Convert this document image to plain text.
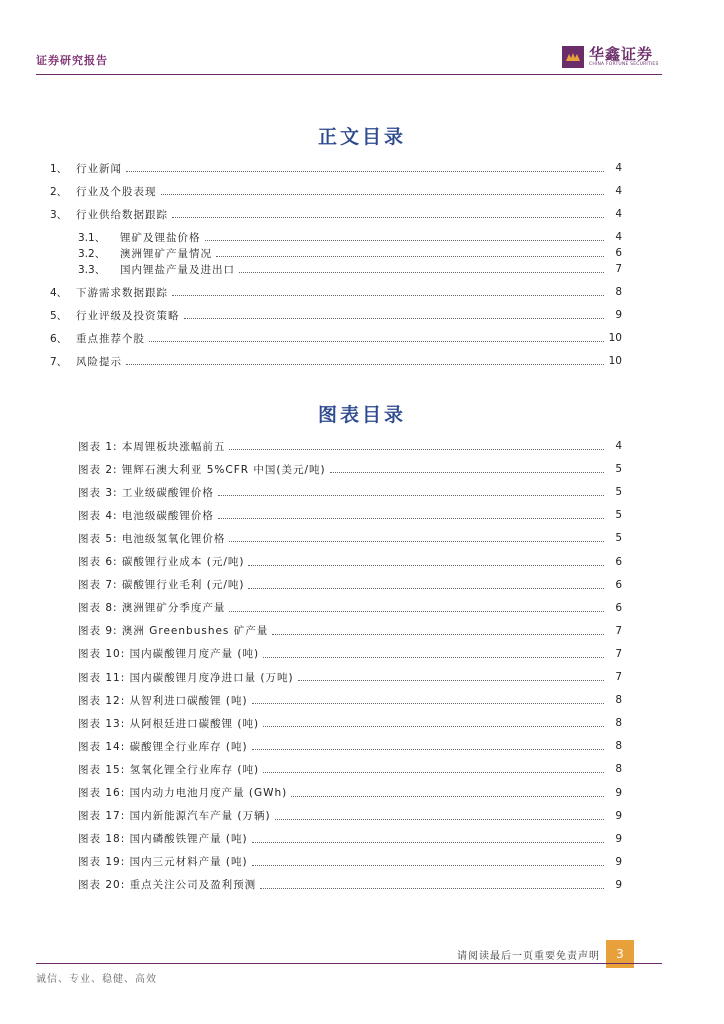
证券研究报告	华鑫证券
CHINA FORTUNE SECURITIES
正文目录
1、 行业新闻	4
2、 行业及个股表现	4
3、 行业供给数据跟踪	4
3.1、	锂矿及锂盐价格	4
3.2、	澳洲锂矿产量情况	6
3.3、	国内锂盐产量及进出口	7
4、 下游需求数据跟踪	8
5、 行业评级及投资策略	9
6、 重点推荐个股	10
7、 风险提示	10
图表目录
图表 1: 本周锂板块涨幅前五	4
图表 2: 锂辉石澳大利亚 5%CFR 中国(美元/吨)	5
图表 3: 工业级碳酸锂价格	5
图表 4: 电池级碳酸锂价格	5
图表 5: 电池级氢氧化锂价格	5
图表 6: 碳酸锂行业成本 (元/吨)	6
图表 7: 碳酸锂行业毛利 (元/吨)	6
图表 8: 澳洲锂矿分季度产量	6
图表 9: 澳洲 Greenbushes 矿产量	7
图表 10: 国内碳酸锂月度产量 (吨)	7
图表 11: 国内碳酸锂月度净进口量 (万吨)	7
图表 12: 从智利进口碳酸锂 (吨)	8
图表 13: 从阿根廷进口碳酸锂 (吨)	8
图表 14: 碳酸锂全行业库存 (吨)	8
图表 15: 氢氧化锂全行业库存 (吨)	8
图表 16: 国内动力电池月度产量 (GWh)	9
图表 17: 国内新能源汽车产量 (万辆)	9
图表 18: 国内磷酸铁锂产量 (吨)	9
图表 19: 国内三元材料产量 (吨)	9
图表 20: 重点关注公司及盈利预测	9
请阅读最后一页重要免责声明	3
诚信、专业、稳健、高效
